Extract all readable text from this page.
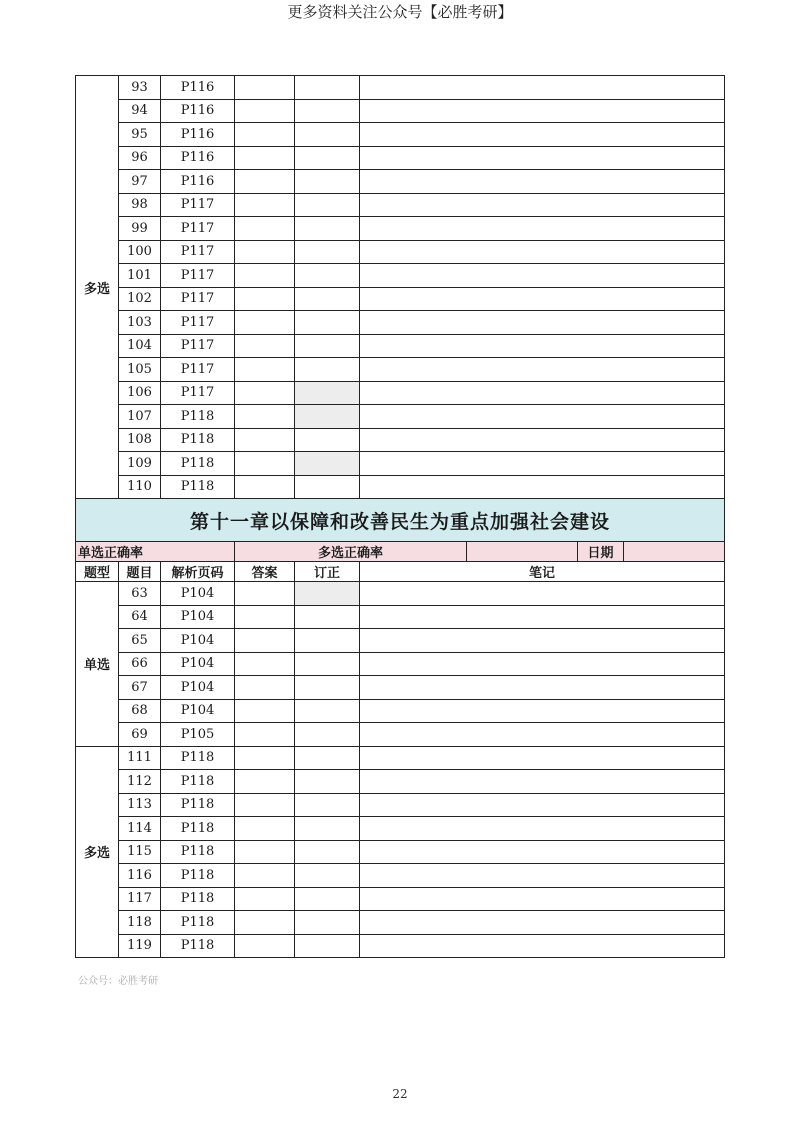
更多资料关注公众号【必胜考研】
多选	93	P116						
	94	P116						
	95	P116						
	96	P116						
	97	P116						
	98	P117						
	99	P117						
	100	P117						
	101	P117						
	102	P117						
	103	P117						
	104	P117						
	105	P117						
	106	P117						
	107	P118						
	108	P118						
	109	P118						
	110	P118						
第十一章以保障和改善民生为重点加强社会建设								
单选正确率			多选正确率				日期	
题型	题目	解析页码	答案	订正	笔记			
单选	63	P104						
	64	P104						
	65	P104						
	66	P104						
	67	P104						
	68	P104						
	69	P105						
多选	111	P118						
	112	P118						
	113	P118						
	114	P118						
	115	P118						
	116	P118						
	117	P118						
	118	P118						
	119	P118						
公众号：必胜考研
22
